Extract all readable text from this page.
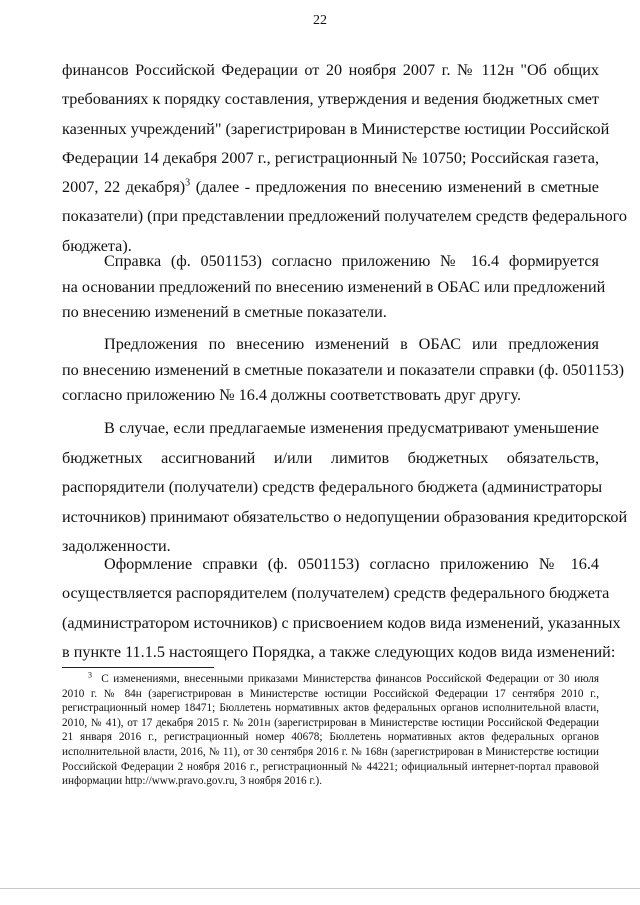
22
финансов Российской Федерации от 20 ноября 2007 г. № 112н "Об общих
требованиях к порядку составления, утверждения и ведения бюджетных смет
казенных учреждений" (зарегистрирован в Министерстве юстиции Российской
Федерации 14 декабря 2007 г., регистрационный № 10750; Российская газета,
2007, 22 декабря)$^3$ (далее - предложения по внесению изменений в сметные
показатели) (при представлении предложений получателем средств федерального
бюджета).
Справка (ф. 0501153) согласно приложению № 16.4 формируется
на основании предложений по внесению изменений в ОБАС или предложений
по внесению изменений в сметные показатели.
Предложения по внесению изменений в ОБАС или предложения
по внесению изменений в сметные показатели и показатели справки (ф. 0501153)
согласно приложению № 16.4 должны соответствовать друг другу.
В случае, если предлагаемые изменения предусматривают уменьшение
бюджетных ассигнований и/или лимитов бюджетных обязательств,
распорядители (получатели) средств федерального бюджета (администраторы
источников) принимают обязательство о недопущении образования кредиторской
задолженности.
Оформление справки (ф. 0501153) согласно приложению № 16.4
осуществляется распорядителем (получателем) средств федерального бюджета
(администратором источников) с присвоением кодов вида изменений, указанных
в пункте 11.1.5 настоящего Порядка, а также следующих кодов вида изменений:
$^3$ С изменениями, внесенными приказами Министерства финансов Российской Федерации от 30 июля
2010 г. № 84н (зарегистрирован в Министерстве юстиции Российской Федерации 17 сентября 2010 г.,
регистрационный номер 18471; Бюллетень нормативных актов федеральных органов исполнительной власти,
2010, № 41), от 17 декабря 2015 г. № 201н (зарегистрирован в Министерстве юстиции Российской Федерации
21 января 2016 г., регистрационный номер 40678; Бюллетень нормативных актов федеральных органов
исполнительной власти, 2016, № 11), от 30 сентября 2016 г. № 168н (зарегистрирован в Министерстве юстиции
Российской Федерации 2 ноября 2016 г., регистрационный № 44221; официальный интернет-портал правовой
информации http://www.pravo.gov.ru, 3 ноября 2016 г.).
